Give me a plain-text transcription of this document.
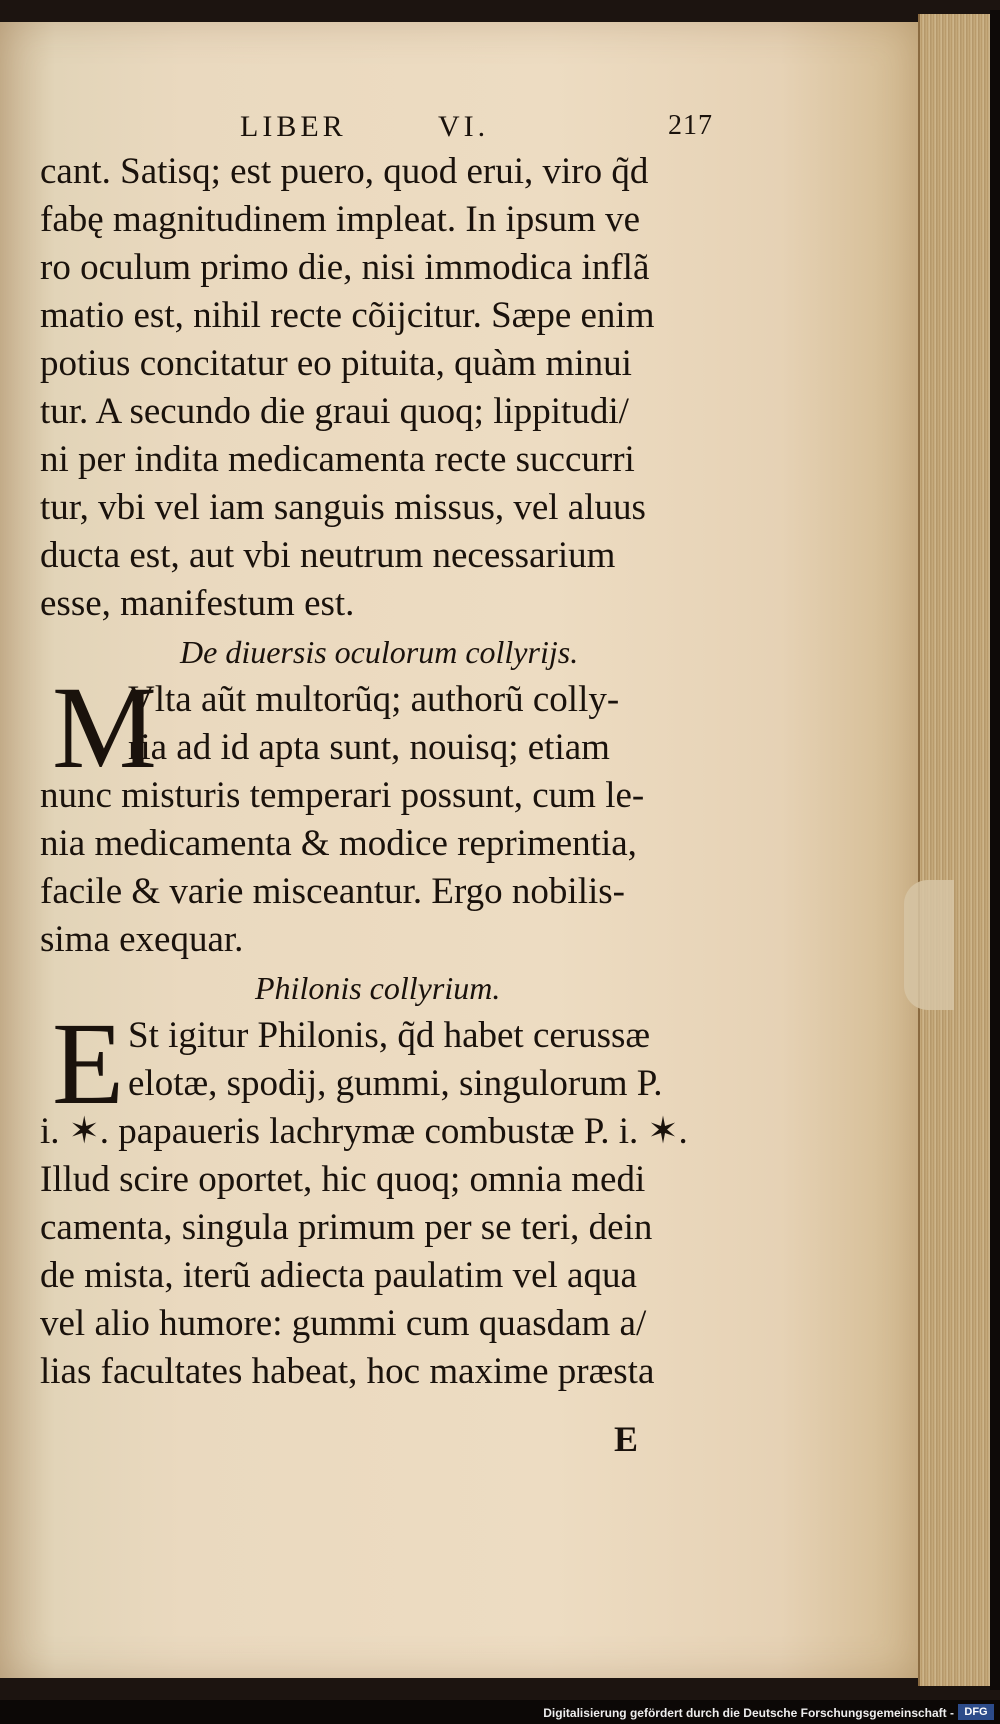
LIBER	VI.	217
cant. Satisq; est puero, quod erui, viro q̃d
fabę magnitudinem impleat. In ipsum ve
ro oculum primo die, nisi immodica inflã
matio est, nihil recte cõijcitur. Sæpe enim
potius concitatur eo pituita, quàm minui
tur. A secundo die graui quoq; lippitudi/
ni per indita medicamenta recte succurri
tur, vbi vel iam sanguis missus, vel aluus
ducta est, aut vbi neutrum necessarium
esse, manifestum est.
De diuersis oculorum collyrijs.
M
Vlta aũt multorũq; authorũ colly-
ria ad id apta sunt, nouisq; etiam
nunc misturis temperari possunt, cum le-
nia medicamenta & modice reprimentia,
facile & varie misceantur. Ergo nobilis-
sima exequar.
Philonis collyrium.
E St igitur Philonis, q̃d habet cerussæ
elotæ, spodij, gummi, singulorum P.
i. ✶. papaueris lachrymæ combustæ P. i. ✶.
Illud scire oportet, hic quoq; omnia medi
camenta, singula primum per se teri, dein
de mista, iterũ adiecta paulatim vel aqua
vel alio humore: gummi cum quasdam a/
lias facultates habeat, hoc maxime præsta
E
Digitalisierung gefördert durch die Deutsche Forschungsgemeinschaft - DFG
